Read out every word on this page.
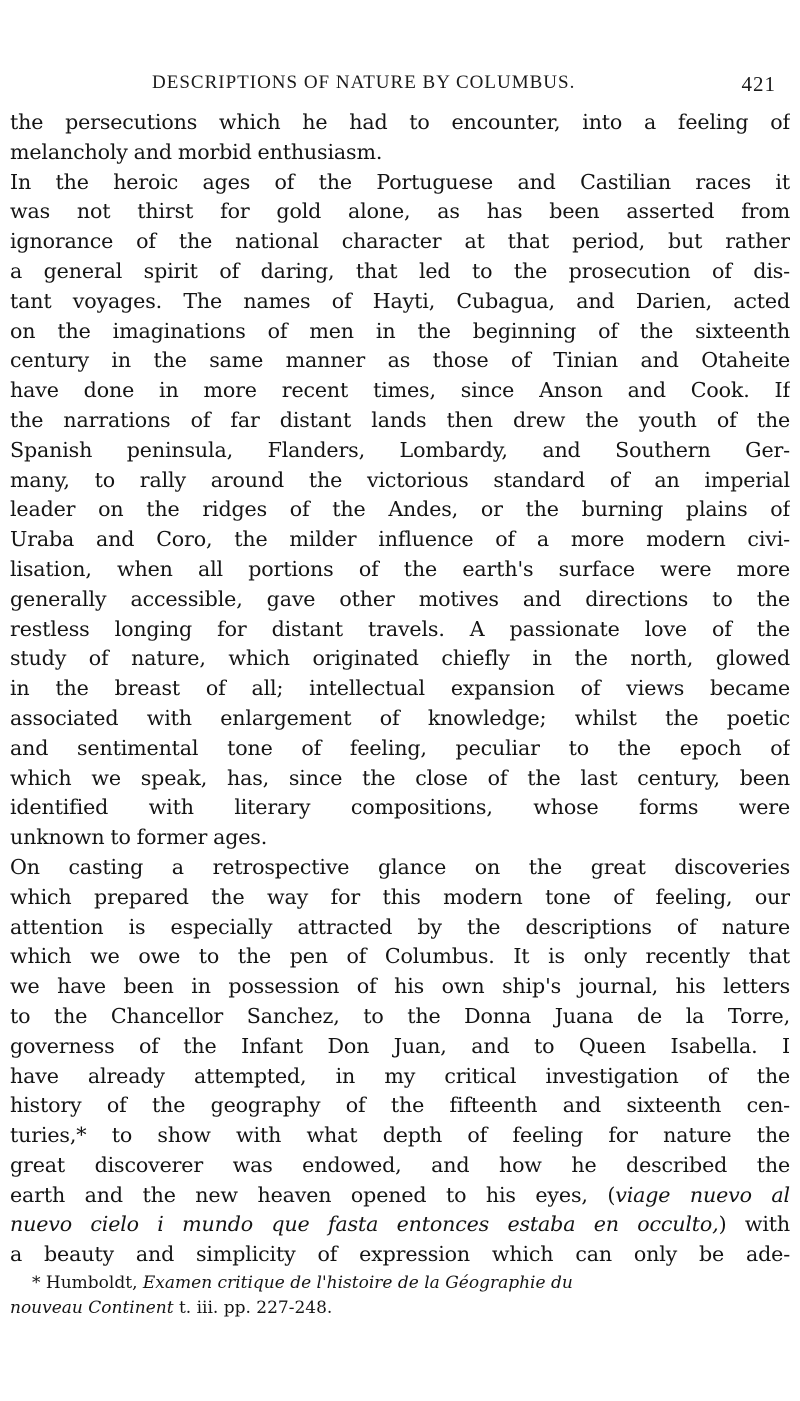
DESCRIPTIONS OF NATURE BY COLUMBUS.	421
the persecutions which he had to encounter, into a feeling of
melancholy and morbid enthusiasm.
In the heroic ages of the Portuguese and Castilian races it
was not thirst for gold alone, as has been asserted from
ignorance of the national character at that period, but rather
a general spirit of daring, that led to the prosecution of dis-
tant voyages. The names of Hayti, Cubagua, and Darien, acted
on the imaginations of men in the beginning of the sixteenth
century in the same manner as those of Tinian and Otaheite
have done in more recent times, since Anson and Cook. If
the narrations of far distant lands then drew the youth of the
Spanish peninsula, Flanders, Lombardy, and Southern Ger-
many, to rally around the victorious standard of an imperial
leader on the ridges of the Andes, or the burning plains of
Uraba and Coro, the milder influence of a more modern civi-
lisation, when all portions of the earth's surface were more
generally accessible, gave other motives and directions to the
restless longing for distant travels. A passionate love of the
study of nature, which originated chiefly in the north, glowed
in the breast of all; intellectual expansion of views became
associated with enlargement of knowledge; whilst the poetic
and sentimental tone of feeling, peculiar to the epoch of
which we speak, has, since the close of the last century, been
identified with literary compositions, whose forms were
unknown to former ages.
On casting a retrospective glance on the great discoveries
which prepared the way for this modern tone of feeling, our
attention is especially attracted by the descriptions of nature
which we owe to the pen of Columbus. It is only recently that
we have been in possession of his own ship's journal, his letters
to the Chancellor Sanchez, to the Donna Juana de la Torre,
governess of the Infant Don Juan, and to Queen Isabella. I
have already attempted, in my critical investigation of the
history of the geography of the fifteenth and sixteenth cen-
turies,* to show with what depth of feeling for nature the
great discoverer was endowed, and how he described the
earth and the new heaven opened to his eyes, (viage nuevo al
nuevo cielo i mundo que fasta entonces estaba en occulto,) with
a beauty and simplicity of expression which can only be ade-
* Humboldt, Examen critique de l'histoire de la Géographie du
nouveau Continent t. iii. pp. 227-248.
